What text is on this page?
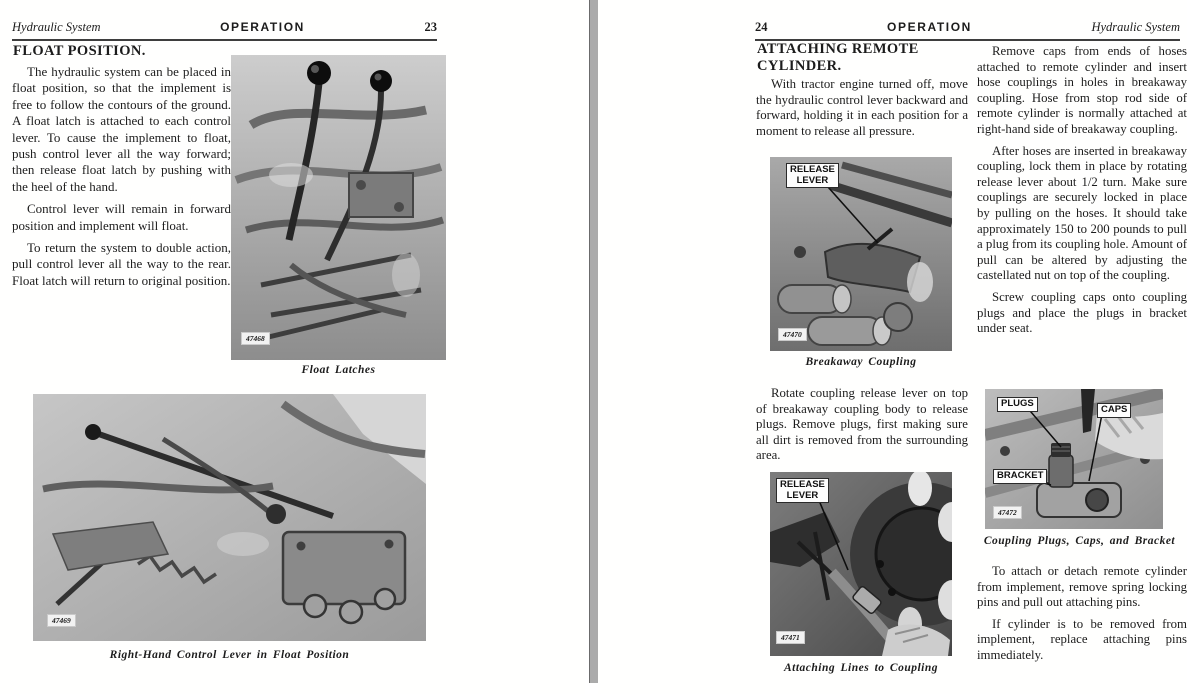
Hydraulic System	OPERATION	23
FLOAT POSITION.

The hydraulic system can be placed in float position, so that the implement is free to follow the contours of the ground. A float latch is attached to each control lever. To cause the implement to float, push control lever all the way forward; then release float latch by pushing with the heel of the hand.

Control lever will remain in forward position and implement will float.

To return the system to double action, pull control lever all the way to the rear. Float latch will return to original position.

47468
Float Latches
47469
Right-Hand Control Lever in Float Position
24	OPERATION	Hydraulic System
ATTACHING REMOTE
CYLINDER.

With tractor engine turned off, move the hydraulic control lever backward and forward, holding it in each position for a moment to release all pressure.

RELEASE
LEVER
47470
Breakaway Coupling

Rotate coupling release lever on top of breakaway coupling body to release plugs. Remove plugs, first making sure all dirt is removed from the surrounding area.

RELEASE
LEVER
47471
Attaching Lines to Coupling

Remove caps from ends of hoses attached to remote cylinder and insert hose couplings in holes in breakaway coupling. Hose from stop rod side of remote cylinder is normally attached at right-hand side of breakaway coupling.

After hoses are inserted in breakaway coupling, lock them in place by rotating release lever about 1/2 turn. Make sure couplings are securely locked in place by pulling on the hoses. It should take approximately 150 to 200 pounds to pull a plug from its coupling hole. Amount of pull can be altered by adjusting the castellated nut on top of the coupling.

Screw coupling caps onto coupling plugs and place the plugs in bracket under seat.

PLUGS
CAPS
BRACKET
47472
Coupling Plugs, Caps, and Bracket

To attach or detach remote cylinder from implement, remove spring locking pins and pull out attaching pins.

If cylinder is to be removed from implement, replace attaching pins immediately.
